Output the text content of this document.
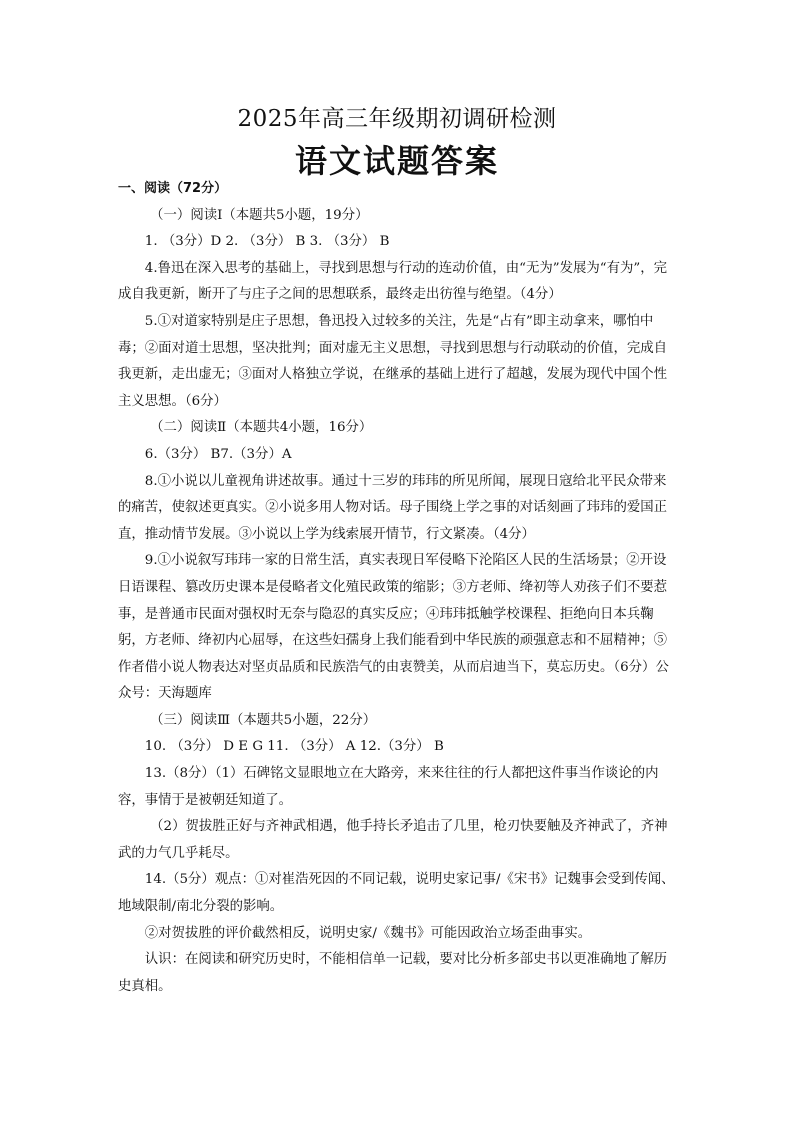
2025年高三年级期初调研检测
语文试题答案

一、阅读（72分）

（一）阅读Ⅰ（本题共5小题，19分）

1. （3分）D 2. （3分） B 3. （3分） B

4.鲁迅在深入思考的基础上，寻找到思想与行动的连动价值，由“无为”发展为“有为”，完成自我更新，断开了与庄子之间的思想联系，最终走出彷徨与绝望。（4分）

5.①对道家特别是庄子思想，鲁迅投入过较多的关注，先是“占有”即主动拿来，哪怕中毒；②面对道士思想，坚决批判；面对虚无主义思想，寻找到思想与行动联动的价值，完成自我更新，走出虚无；③面对人格独立学说，在继承的基础上进行了超越，发展为现代中国个性主义思想。（6分）

（二）阅读Ⅱ（本题共4小题，16分）

6.（3分） B7.（3分）A

8.①小说以儿童视角讲述故事。通过十三岁的玮玮的所见所闻，展现日寇给北平民众带来的痛苦，使叙述更真实。②小说多用人物对话。母子围绕上学之事的对话刻画了玮玮的爱国正直，推动情节发展。③小说以上学为线索展开情节，行文紧凑。（4分）

9.①小说叙写玮玮一家的日常生活，真实表现日军侵略下沦陷区人民的生活场景；②开设日语课程、篡改历史课本是侵略者文化殖民政策的缩影；③方老师、绛初等人劝孩子们不要惹事，是普通市民面对强权时无奈与隐忍的真实反应；④玮玮抵触学校课程、拒绝向日本兵鞠躬，方老师、绛初内心屈辱，在这些妇孺身上我们能看到中华民族的顽强意志和不屈精神；⑤作者借小说人物表达对坚贞品质和民族浩气的由衷赞美，从而启迪当下，莫忘历史。（6分）公众号：天海题库

（三）阅读Ⅲ（本题共5小题，22分）

10. （3分） D E G 11. （3分） A 12.（3分） B

13.（8分）（1）石碑铭文显眼地立在大路旁，来来往往的行人都把这件事当作谈论的内容，事情于是被朝廷知道了。

（2）贺拔胜正好与齐神武相遇，他手持长矛追击了几里，枪刃快要触及齐神武了，齐神武的力气几乎耗尽。

14.（5分）观点：①对崔浩死因的不同记载，说明史家记事/《宋书》记魏事会受到传闻、地域限制/南北分裂的影响。

②对贺拔胜的评价截然相反，说明史家/《魏书》可能因政治立场歪曲事实。

认识：在阅读和研究历史时，不能相信单一记载，要对比分析多部史书以更准确地了解历史真相。
